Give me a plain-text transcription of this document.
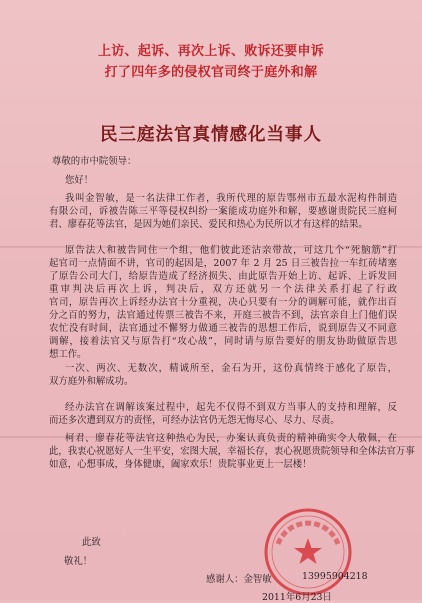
上访、起诉、再次上诉、败诉还要申诉
打了四年多的侵权官司终于庭外和解
民三庭法官真情感化当事人
尊敬的市中院领导：
您好！
我叫金智敏，是一名法律工作者，我所代理的原告鄂州市五最水泥构件制造
有限公司，诉被告陈三平等侵权纠纷一案能成功庭外和解，要感谢贵院民三庭柯
君、廖春花等法官，是因为她们亲民、爱民和热心为民所以才有这样的结果。
原告法人和被告同住一个组，他们彼此还沾亲带故，可这几个“死脑筋”打
起官司一点情面不讲，官司的起因是，2007 年 2 月 25 日三被告拉一车红砖堵塞
了原告公司大门，给原告造成了经济损失、由此原告开始上访、起诉、上诉发回
重审判决后再次上诉，判决后，双方还就另一个法律关系打起了行政
官司，原告再次上诉经办法官十分重视，决心只要有一分的调解可能，就作出百
分之百的努力，法官通过传票三被告不来，开庭三被告不到，法官亲自上门他们误
农忙没有时间，法官通过不懈努力做通三被告的思想工作后，说到原告又不同意
调解，接着法官又与原告打“攻心战”，同时请与原告要好的朋友协助做原告思
想工作。
一次、两次、无数次，精诚所至，金石为开，这份真情终于感化了原告，
双方庭外和解成功。
经办法官在调解该案过程中，起先不仅得不到双方当事人的支持和理解，反
而还多次遭到双方的责怪，可经办法官仍无怨无悔尽心、尽力、尽责。
柯君、廖春花等法官这种热心为民，办案认真负责的精神确实令人敬佩，在
此，我衷心祝愿好人一生平安，宏图大展，幸福长存，衷心祝愿贵院领导和全体法官万事
如意，心想事成，身体健康，阖家欢乐！贵院事业更上一层楼！
此致
敬礼！
感谢人：金智敏	13995904218
2011年6月23日
